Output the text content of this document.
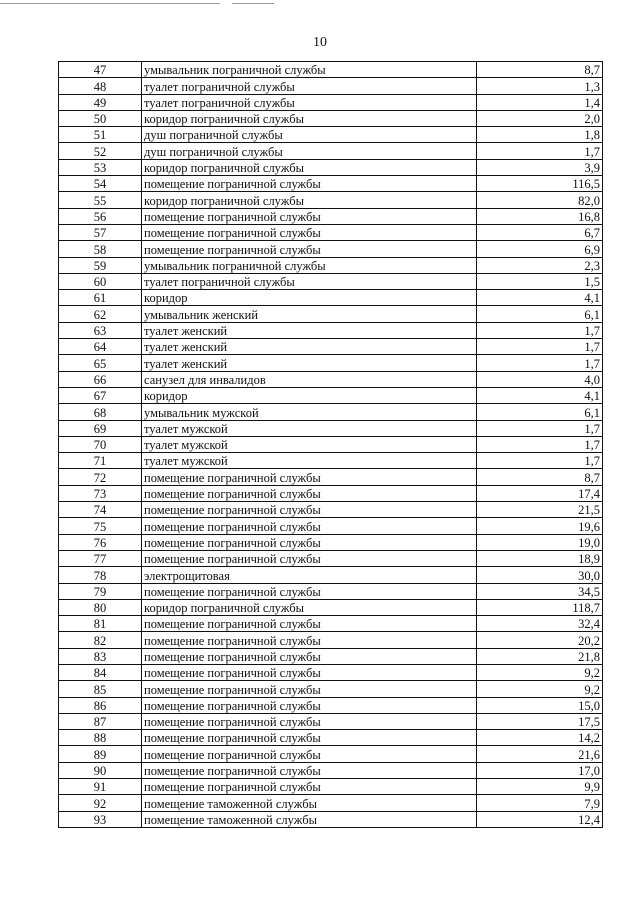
10
47	умывальник пограничной службы	8,7
48	туалет пограничной службы	1,3
49	туалет пограничной службы	1,4
50	коридор пограничной службы	2,0
51	душ пограничной службы	1,8
52	душ пограничной службы	1,7
53	коридор пограничной службы	3,9
54	помещение пограничной службы	116,5
55	коридор пограничной службы	82,0
56	помещение пограничной службы	16,8
57	помещение пограничной службы	6,7
58	помещение пограничной службы	6,9
59	умывальник пограничной службы	2,3
60	туалет пограничной службы	1,5
61	коридор	4,1
62	умывальник женский	6,1
63	туалет женский	1,7
64	туалет женский	1,7
65	туалет женский	1,7
66	санузел для инвалидов	4,0
67	коридор	4,1
68	умывальник мужской	6,1
69	туалет мужской	1,7
70	туалет мужской	1,7
71	туалет мужской	1,7
72	помещение пограничной службы	8,7
73	помещение пограничной службы	17,4
74	помещение пограничной службы	21,5
75	помещение пограничной службы	19,6
76	помещение пограничной службы	19,0
77	помещение пограничной службы	18,9
78	электрощитовая	30,0
79	помещение пограничной службы	34,5
80	коридор пограничной службы	118,7
81	помещение пограничной службы	32,4
82	помещение пограничной службы	20,2
83	помещение пограничной службы	21,8
84	помещение пограничной службы	9,2
85	помещение пограничной службы	9,2
86	помещение пограничной службы	15,0
87	помещение пограничной службы	17,5
88	помещение пограничной службы	14,2
89	помещение пограничной службы	21,6
90	помещение пограничной службы	17,0
91	помещение пограничной службы	9,9
92	помещение таможенной службы	7,9
93	помещение таможенной службы	12,4
